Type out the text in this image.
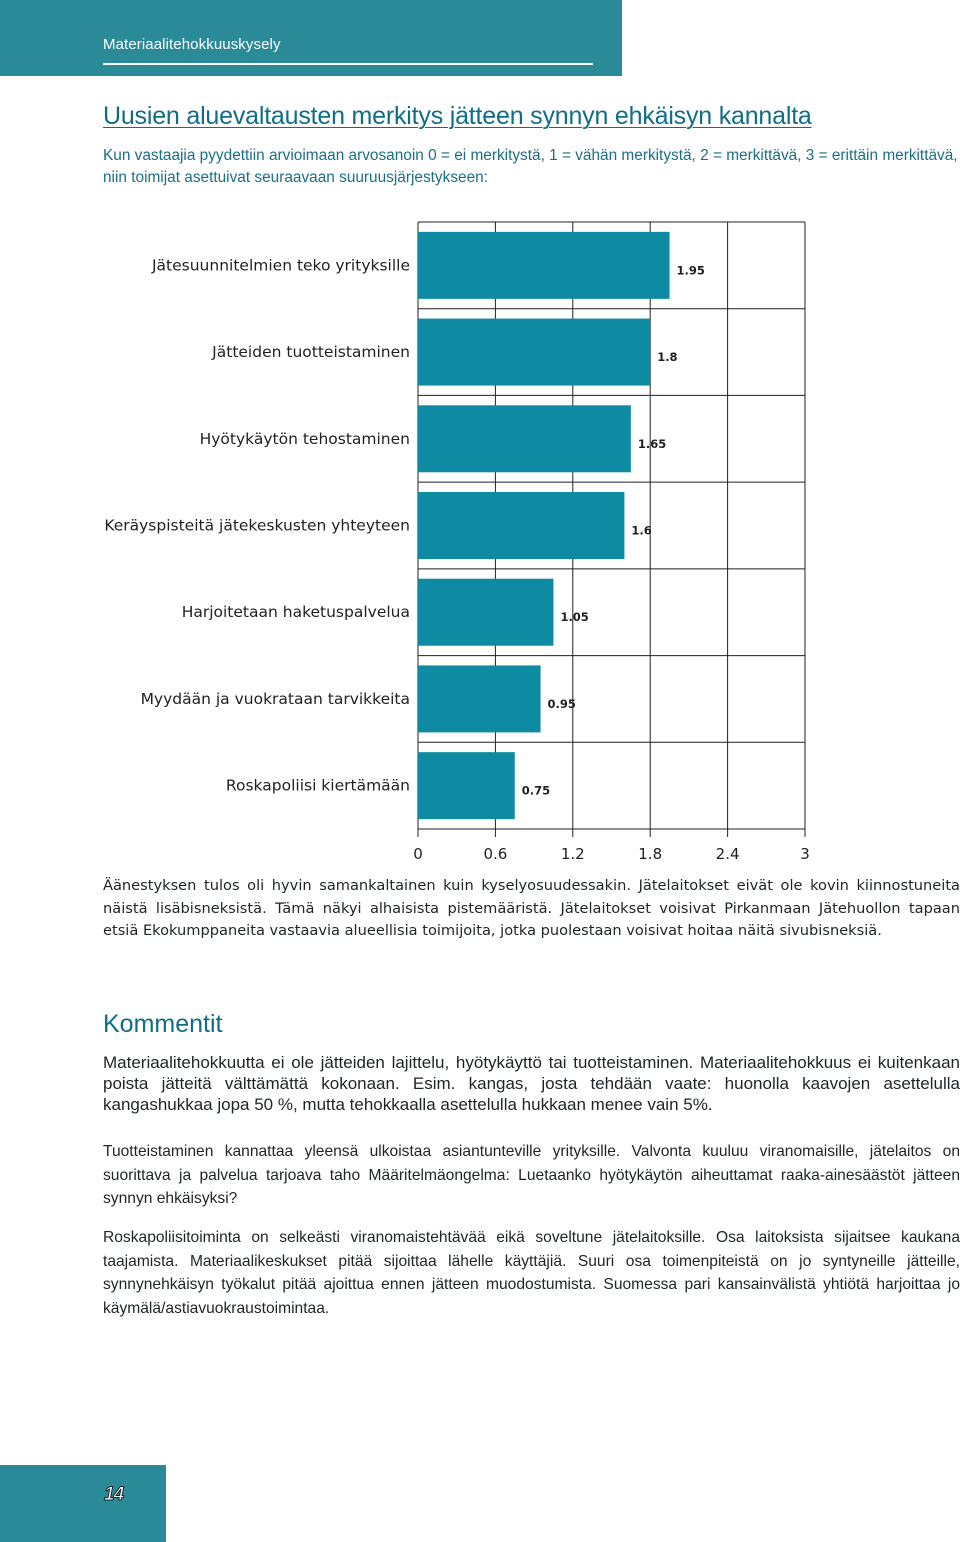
Materiaalitehokkuuskysely
Uusien aluevaltausten merkitys jätteen synnyn ehkäisyn kannalta

Kun vastaajia pyydettiin arvioimaan arvosanoin 0 = ei merkitystä, 1 = vähän merkitystä, 2 = merkittävä, 3 = erittäin merkittävä, niin toimijat asettuivat seuraavaan suuruusjärjestykseen:

Jätesuunnitelmien teko yrityksille	1.95
Jätteiden tuotteistaminen	1.8
Hyötykäytön tehostaminen	1.65
Keräyspisteitä jätekeskusten yhteyteen	1.6
Harjoitetaan haketuspalvelua	1.05
Myydään ja vuokrataan tarvikkeita	0.95
Roskapoliisi kiertämään	0.75
0	0.6	1.2	1.8	2.4	3

Äänestyksen tulos oli hyvin samankaltainen kuin kyselyosuudessakin. Jätelaitokset eivät ole kovin kiinnostuneita näistä lisäbisneksistä. Tämä näkyi alhaisista pistemääristä. Jätelaitokset voisivat Pirkanmaan Jätehuollon tapaan etsiä Ekokumppaneita vastaavia alueellisia toimijoita, jotka puolestaan voisivat hoitaa näitä sivubisneksiä.

Kommentit

Materiaalitehokkuutta ei ole jätteiden lajittelu, hyötykäyttö tai tuotteistaminen. Materiaalitehokkuus ei kuitenkaan poista jätteitä välttämättä kokonaan. Esim. kangas, josta tehdään vaate: huonolla kaavojen asettelulla kangashukkaa jopa 50 %, mutta tehokkaalla asettelulla hukkaan menee vain 5%.

Tuotteistaminen kannattaa yleensä ulkoistaa asiantunteville yrityksille. Valvonta kuuluu viranomaisille, jätelaitos on suorittava ja palvelua tarjoava taho Määritelmäongelma: Luetaanko hyötykäytön aiheuttamat raaka-ainesäästöt jätteen synnyn ehkäisyksi?

Roskapoliisitoiminta on selkeästi viranomaistehtävää eikä soveltune jätelaitoksille. Osa laitoksista sijaitsee kaukana taajamista. Materiaalikeskukset pitää sijoittaa lähelle käyttäjiä. Suuri osa toimenpiteistä on jo syntyneille jätteille, synnynehkäisyn työkalut pitää ajoittua ennen jätteen muodostumista. Suomessa pari kansainvälistä yhtiötä harjoittaa jo käymälä/astiavuokraustoimintaa.

14
